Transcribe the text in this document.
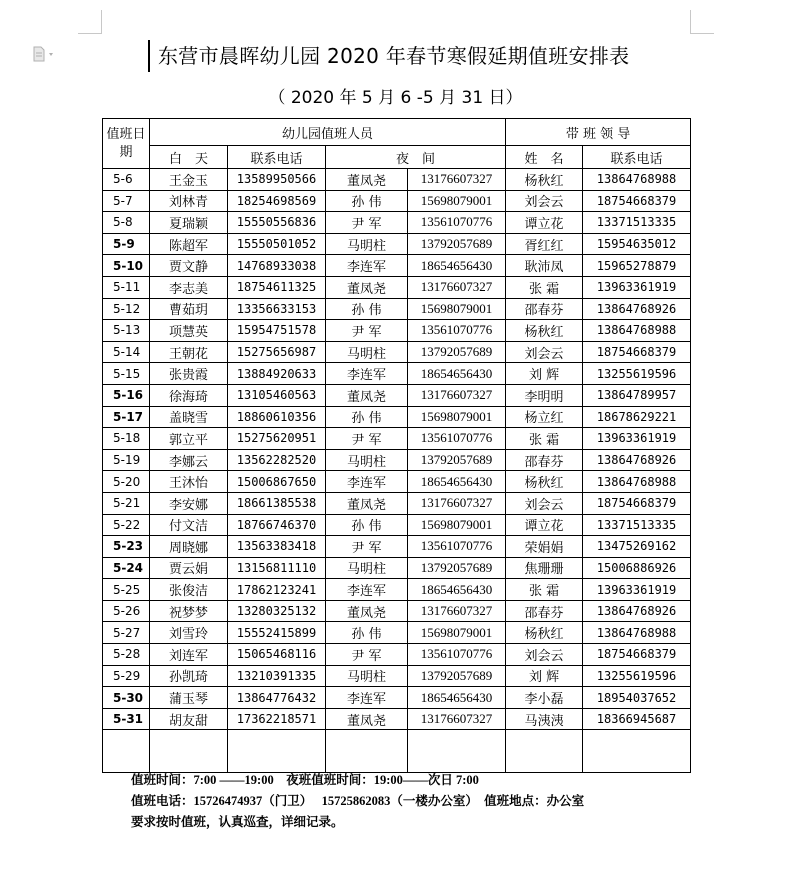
东营市晨晖幼儿园 2020 年春节寒假延期值班安排表
（ 2020 年 5 月 6 -5 月 31 日）
值班日期	幼儿园值班人员				带 班 领 导	
	白　天	联系电话	夜　间		姓　名	联系电话
5-6	王金玉	13589950566	董凤尧	13176607327	杨秋红	13864768988
5-7	刘林青	18254698569	孙 伟	15698079001	刘会云	18754668379
5-8	夏瑞颖	15550556836	尹 军	13561070776	谭立花	13371513335
5-9	陈超军	15550501052	马明柱	13792057689	胥红红	15954635012
5-10	贾文静	14768933038	李连军	18654656430	耿沛凤	15965278879
5-11	李志美	18754611325	董凤尧	13176607327	张 霜	13963361919
5-12	曹茹玥	13356633153	孙 伟	15698079001	邵春芬	13864768926
5-13	项慧英	15954751578	尹 军	13561070776	杨秋红	13864768988
5-14	王朝花	15275656987	马明柱	13792057689	刘会云	18754668379
5-15	张贵霞	13884920633	李连军	18654656430	刘 辉	13255619596
5-16	徐海琦	13105460563	董凤尧	13176607327	李明明	13864789957
5-17	盖晓雪	18860610356	孙 伟	15698079001	杨立红	18678629221
5-18	郭立平	15275620951	尹 军	13561070776	张 霜	13963361919
5-19	李娜云	13562282520	马明柱	13792057689	邵春芬	13864768926
5-20	王沐怡	15006867650	李连军	18654656430	杨秋红	13864768988
5-21	李安娜	18661385538	董凤尧	13176607327	刘会云	18754668379
5-22	付文洁	18766746370	孙 伟	15698079001	谭立花	13371513335
5-23	周晓娜	13563383418	尹 军	13561070776	荣娟娟	13475269162
5-24	贾云娟	13156811110	马明柱	13792057689	焦珊珊	15006886926
5-25	张俊洁	17862123241	李连军	18654656430	张 霜	13963361919
5-26	祝梦梦	13280325132	董凤尧	13176607327	邵春芬	13864768926
5-27	刘雪玲	15552415899	孙 伟	15698079001	杨秋红	13864768988
5-28	刘连军	15065468116	尹 军	13561070776	刘会云	18754668379
5-29	孙凯琦	13210391335	马明柱	13792057689	刘 辉	13255619596
5-30	蒲玉琴	13864776432	李连军	18654656430	李小磊	18954037652
5-31	胡友甜	17362218571	董凤尧	13176607327	马洟洟	18366945687

值班时间：7:00 ——19:00　夜班值班时间：19:00——次日 7:00
值班电话：15726474937（门卫）　 15725862083（一楼办公室）　值班地点：办公室
要求按时值班，认真巡查，详细记录。
